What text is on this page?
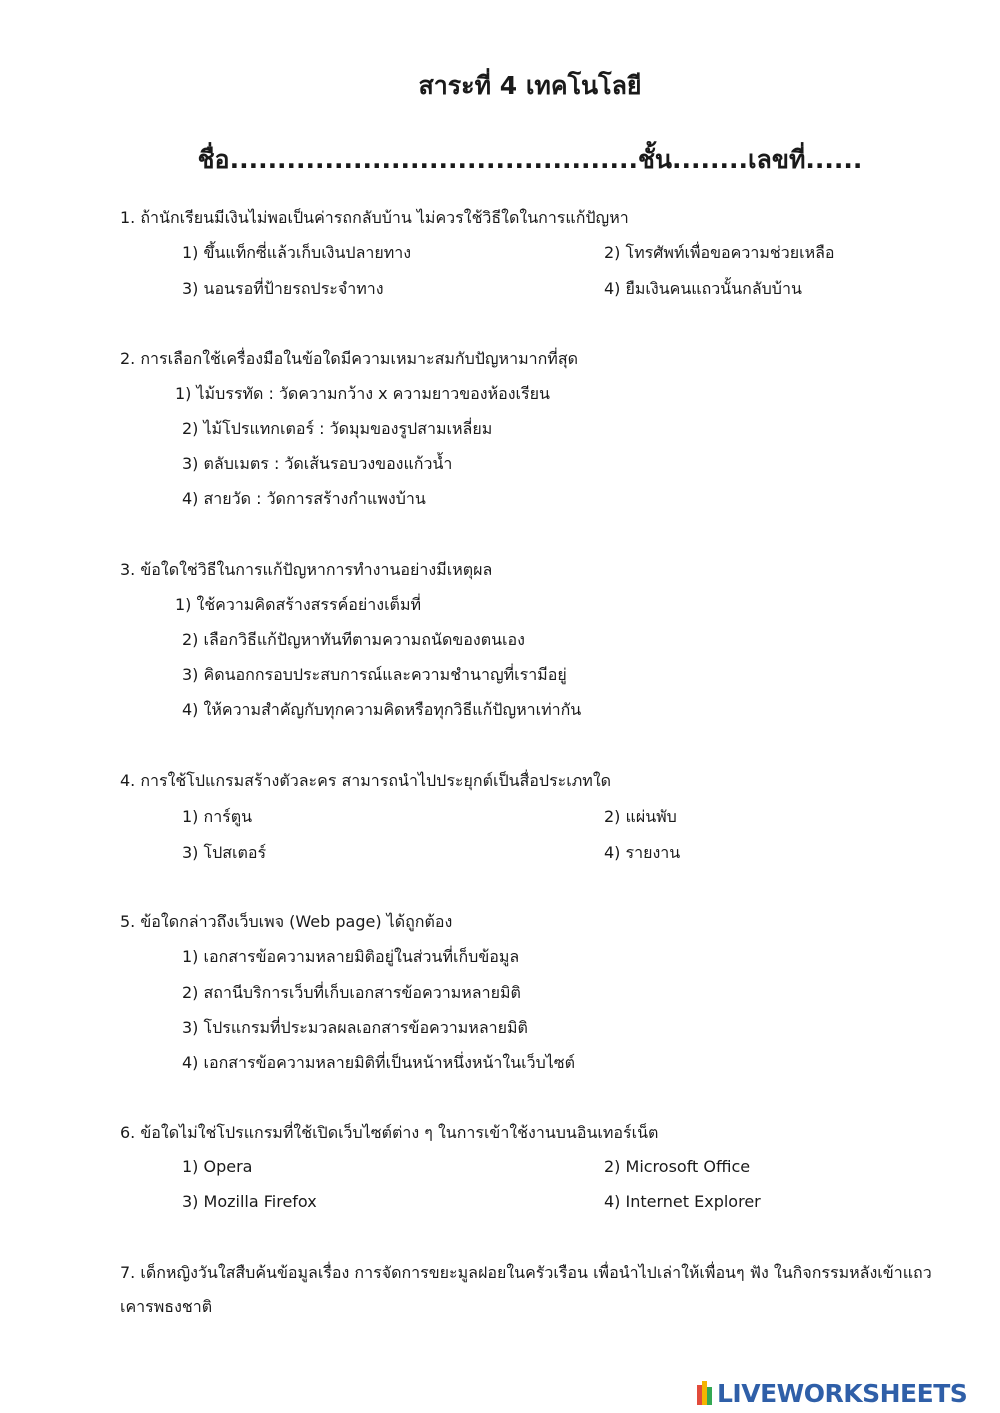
สาระที่ 4 เทคโนโลยี
ชื่อ...........................................ชั้น........เลขที่......
1. ถ้านักเรียนมีเงินไม่พอเป็นค่ารถกลับบ้าน ไม่ควรใช้วิธีใดในการแก้ปัญหา
1) ขึ้นแท็กซี่แล้วเก็บเงินปลายทาง	2) โทรศัพท์เพื่อขอความช่วยเหลือ
3) นอนรอที่ป้ายรถประจำทาง	4) ยืมเงินคนแถวนั้นกลับบ้าน
2. การเลือกใช้เครื่องมือในข้อใดมีความเหมาะสมกับปัญหามากที่สุด
1) ไม้บรรทัด : วัดความกว้าง x ความยาวของห้องเรียน
2) ไม้โปรแทกเตอร์ : วัดมุมของรูปสามเหลี่ยม
3) ตลับเมตร : วัดเส้นรอบวงของแก้วน้ำ
4) สายวัด : วัดการสร้างกำแพงบ้าน
3. ข้อใดใช่วิธีในการแก้ปัญหาการทำงานอย่างมีเหตุผล
1) ใช้ความคิดสร้างสรรค์อย่างเต็มที่
2) เลือกวิธีแก้ปัญหาทันทีตามความถนัดของตนเอง
3) คิดนอกกรอบประสบการณ์และความชำนาญที่เรามีอยู่
4) ให้ความสำคัญกับทุกความคิดหรือทุกวิธีแก้ปัญหาเท่ากัน
4. การใช้โปแกรมสร้างตัวละคร สามารถนำไปประยุกต์เป็นสื่อประเภทใด
1) การ์ตูน	2) แผ่นพับ
3) โปสเตอร์	4) รายงาน
5. ข้อใดกล่าวถึงเว็บเพจ (Web page) ได้ถูกต้อง
1) เอกสารข้อความหลายมิติอยู่ในส่วนที่เก็บข้อมูล
2) สถานีบริการเว็บที่เก็บเอกสารข้อความหลายมิติ
3) โปรแกรมที่ประมวลผลเอกสารข้อความหลายมิติ
4) เอกสารข้อความหลายมิติที่เป็นหน้าหนึ่งหน้าในเว็บไซต์
6. ข้อใดไม่ใช่โปรแกรมที่ใช้เปิดเว็บไซต์ต่าง ๆ ในการเข้าใช้งานบนอินเทอร์เน็ต
1) Opera	2) Microsoft Office
3) Mozilla Firefox	4) Internet Explorer
7. เด็กหญิงวันใสสืบค้นข้อมูลเรื่อง การจัดการขยะมูลฝอยในครัวเรือน เพื่อนำไปเล่าให้เพื่อนๆ ฟัง ในกิจกรรมหลังเข้าแถวเคารพธงชาติ
LIVEWORKSHEETS
